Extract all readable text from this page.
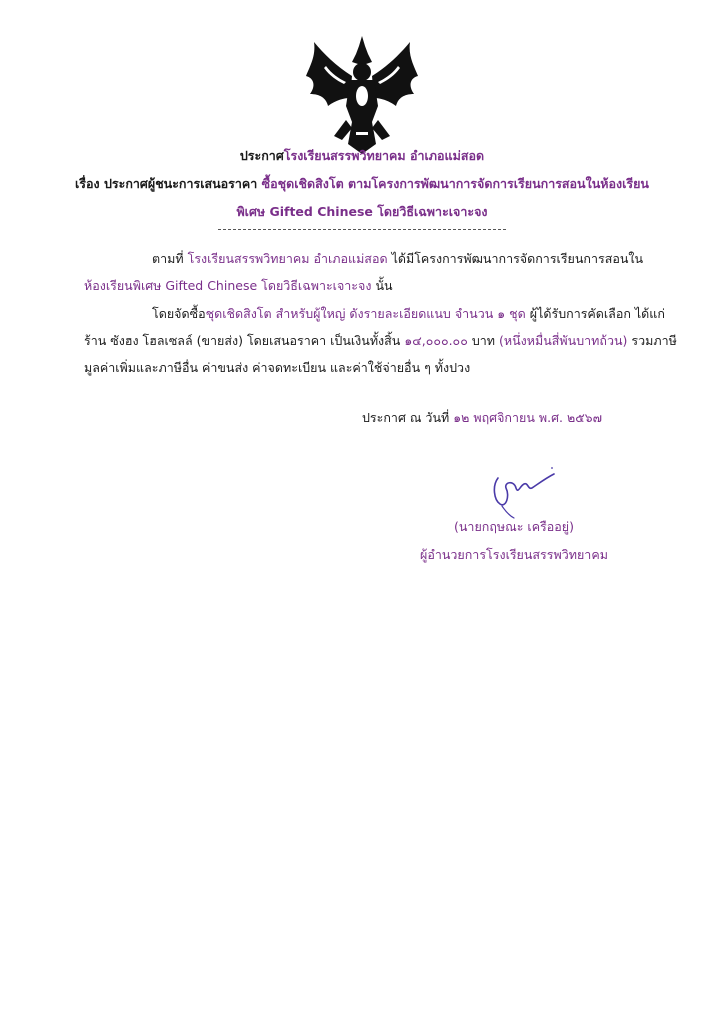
ประกาศโรงเรียนสรรพวิทยาคม อำเภอแม่สอด
เรื่อง ประกาศผู้ชนะการเสนอราคา ซื้อชุดเชิดสิงโต ตามโครงการพัฒนาการจัดการเรียนการสอนในห้องเรียน
พิเศษ Gifted Chinese โดยวิธีเฉพาะเจาะจง
ตามที่ โรงเรียนสรรพวิทยาคม อำเภอแม่สอด ได้มีโครงการพัฒนาการจัดการเรียนการสอนใน
ห้องเรียนพิเศษ Gifted Chinese โดยวิธีเฉพาะเจาะจง นั้น
โดยจัดซื้อชุดเชิดสิงโต สำหรับผู้ใหญ่ ดังรายละเอียดแนบ จำนวน ๑ ชุด ผู้ได้รับการคัดเลือก ได้แก่
ร้าน ซังฮง โฮลเซลล์ (ขายส่ง) โดยเสนอราคา เป็นเงินทั้งสิ้น ๑๔,๐๐๐.๐๐ บาท (หนึ่งหมื่นสี่พันบาทถ้วน) รวมภาษี
มูลค่าเพิ่มและภาษีอื่น ค่าขนส่ง ค่าจดทะเบียน และค่าใช้จ่ายอื่น ๆ ทั้งปวง
ประกาศ ณ วันที่ ๑๒ พฤศจิกายน พ.ศ. ๒๕๖๗
(นายกฤษณะ เครืออยู่)
ผู้อำนวยการโรงเรียนสรรพวิทยาคม
